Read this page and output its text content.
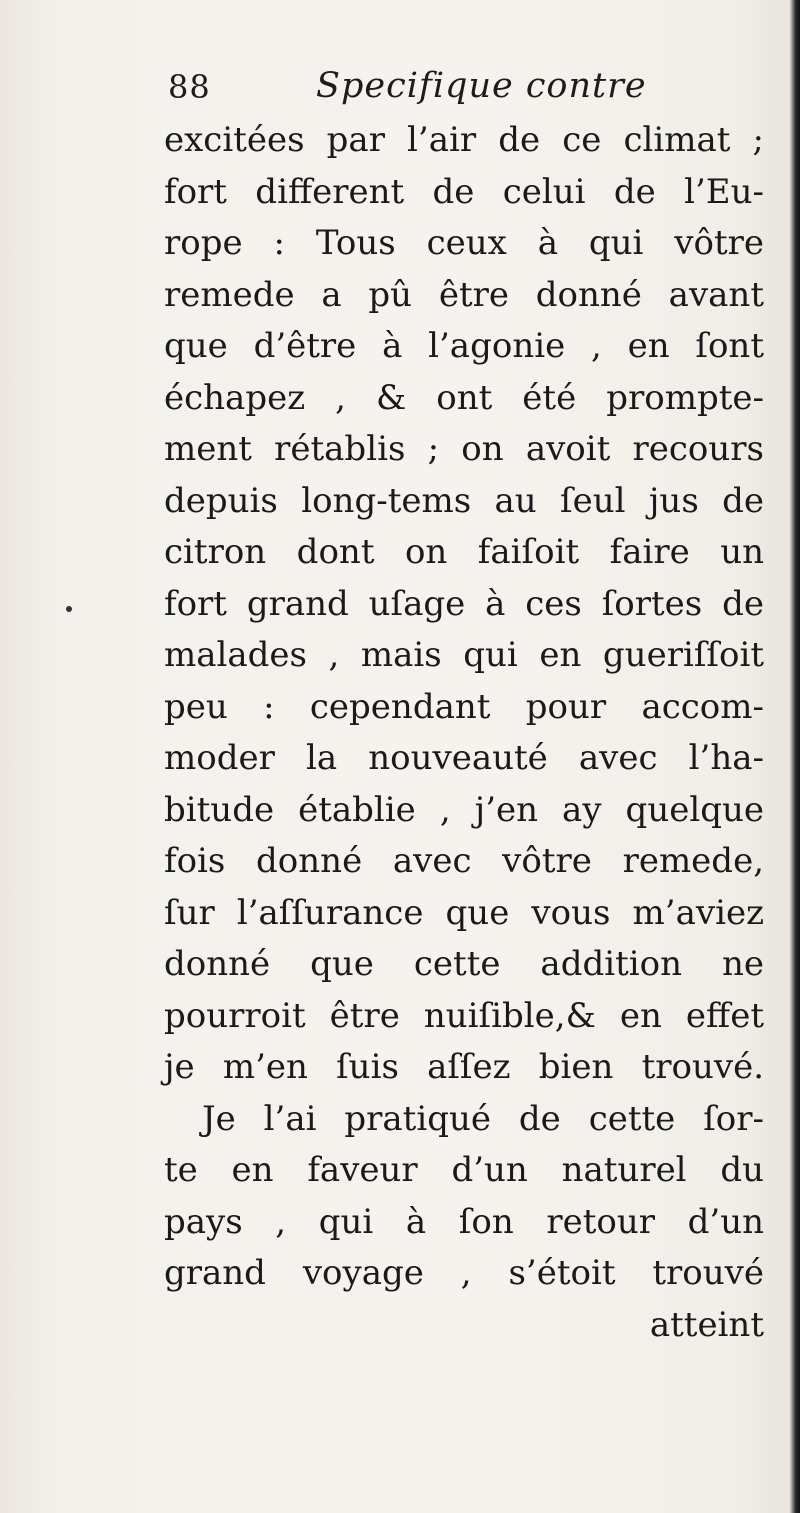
88	Specifique contre
excitées par l’air de ce climat ;
fort different de celui de l’Eu-
rope : Tous ceux à qui vôtre
remede a pû être donné avant
que d’être à l’agonie , en ſont
échapez , & ont été prompte-
ment rétablis ; on avoit recours
depuis long-tems au ſeul jus de
citron dont on faiſoit faire un
fort grand uſage à ces ſortes de
malades , mais qui en gueriſſoit
peu : cependant pour accom-
moder la nouveauté avec l’ha-
bitude établie , j’en ay quelque
fois donné avec vôtre remede,
ſur l’aſſurance que vous m’aviez
donné que cette addition ne
pourroit être nuiſible,& en effet
je m’en ſuis aſſez bien trouvé.
Je l’ai pratiqué de cette ſor-
te en faveur d’un naturel du
pays , qui à ſon retour d’un
grand voyage , s’étoit trouvé
atteint
